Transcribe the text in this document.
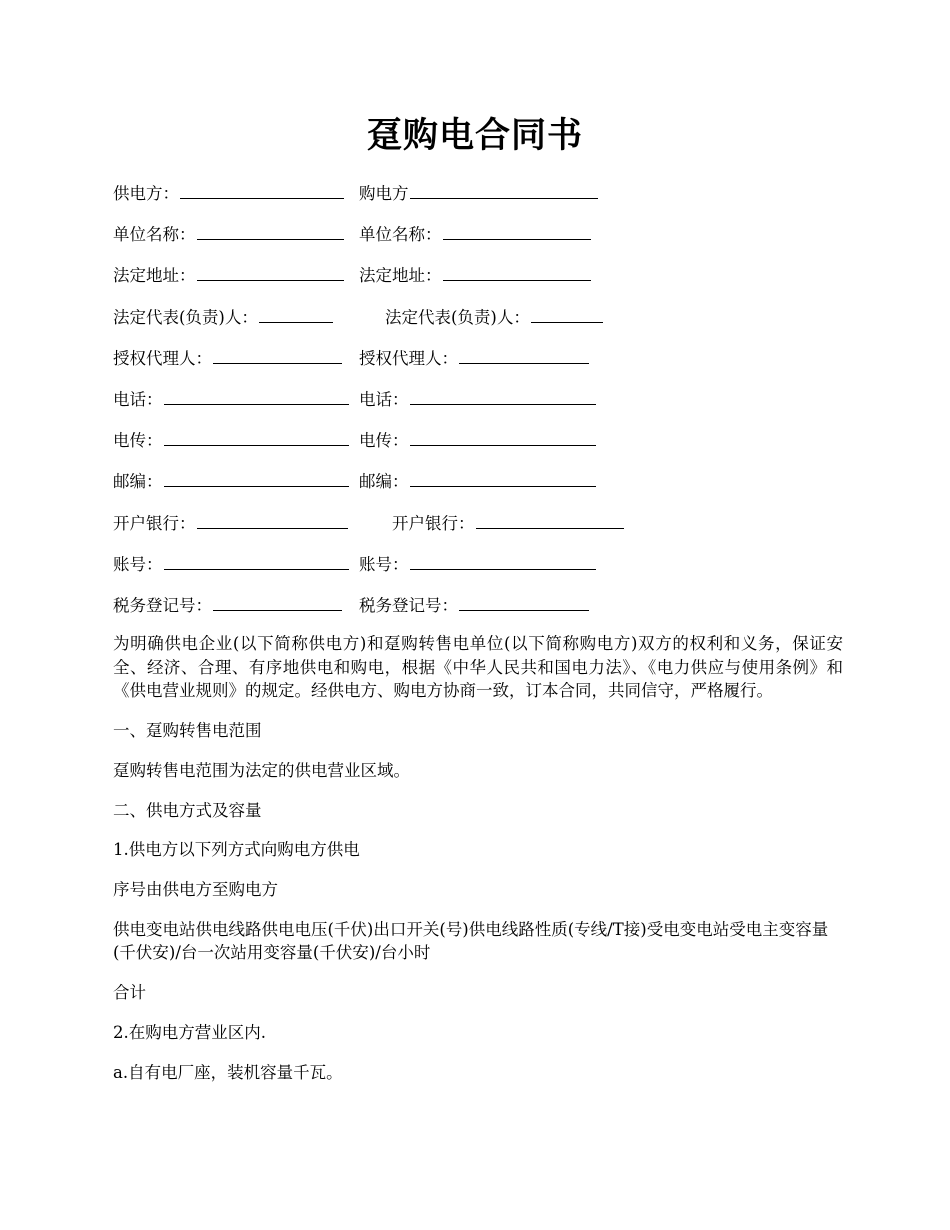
趸购电合同书
供电方：	购电方
单位名称：	单位名称：
法定地址：	法定地址：
法定代表(负责)人：	法定代表(负责)人：
授权代理人：	授权代理人：
电话：	电话：
电传：	电传：
邮编：	邮编：
开户银行：	开户银行：
账号：	账号：
税务登记号：	税务登记号：

为明确供电企业(以下简称供电方)和趸购转售电单位(以下简称购电方)双方的权利和义务，保证安全、经济、合理、有序地供电和购电，根据《中华人民共和国电力法》、《电力供应与使用条例》和《供电营业规则》的规定。经供电方、购电方协商一致，订本合同，共同信守，严格履行。

一、趸购转售电范围

趸购转售电范围为法定的供电营业区域。

二、供电方式及容量

1.供电方以下列方式向购电方供电

序号由供电方至购电方

供电变电站供电线路供电电压(千伏)出口开关(号)供电线路性质(专线/T接)受电变电站受电主变容量(千伏安)/台一次站用变容量(千伏安)/台小时

合计

2.在购电方营业区内.

a.自有电厂座，装机容量千瓦。
